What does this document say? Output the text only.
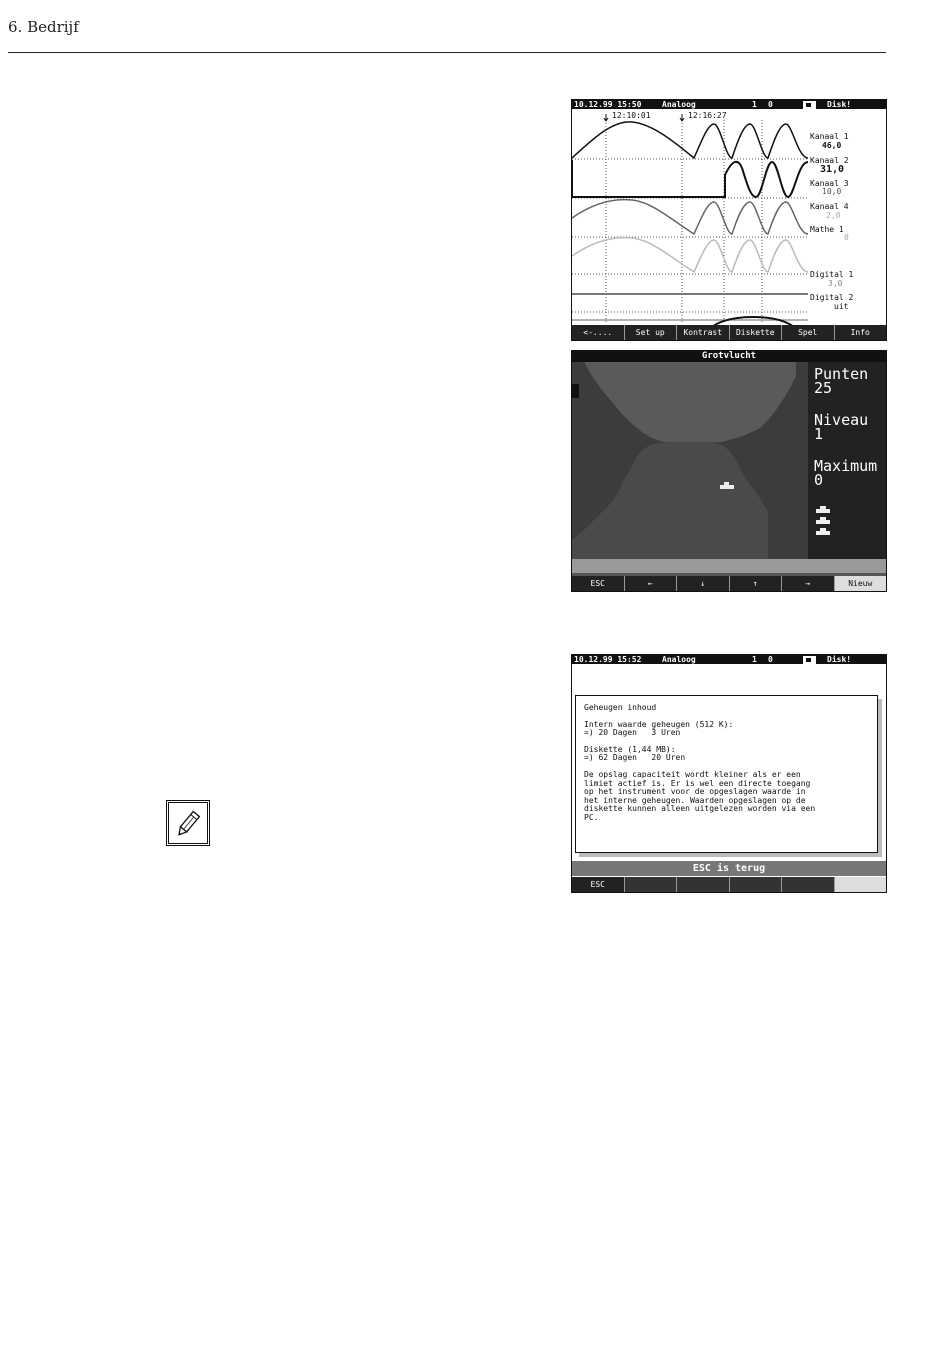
6. Bedrijf

10.12.99 15:50

	Analoog

	1

0

	Disk!

12:10:01	12:16:27
Kanaal 1
46,0
Kanaal 2
31,0
Kanaal 3
10,0
Kanaal 4
2,0
Mathe 1
0
Digital 1
3,0
Digital 2
uit
<-....	Set up	Kontrast	Diskette	Spel	Info
Grotvlucht
Punten
25
Niveau
1
Maximum
0
ESC	←	↓	↑	→	Nieuw

10.12.99 15:52

	Analoog

	1

0

	Disk!

Geheugen inhoud
Intern waarde geheugen (512 K):
=) 20 Dagen   3 Uren
Diskette (1,44 MB):
=) 62 Dagen   20 Uren
De opslag capaciteit wordt kleiner als er een
limiet actief is. Er is wel een directe toegang
op het instrument voor de opgeslagen waarde in
het interne geheugen. Waarden opgeslagen op de
diskette kunnen alleen uitgelezen worden via een
PC.
ESC is terug
ESC
